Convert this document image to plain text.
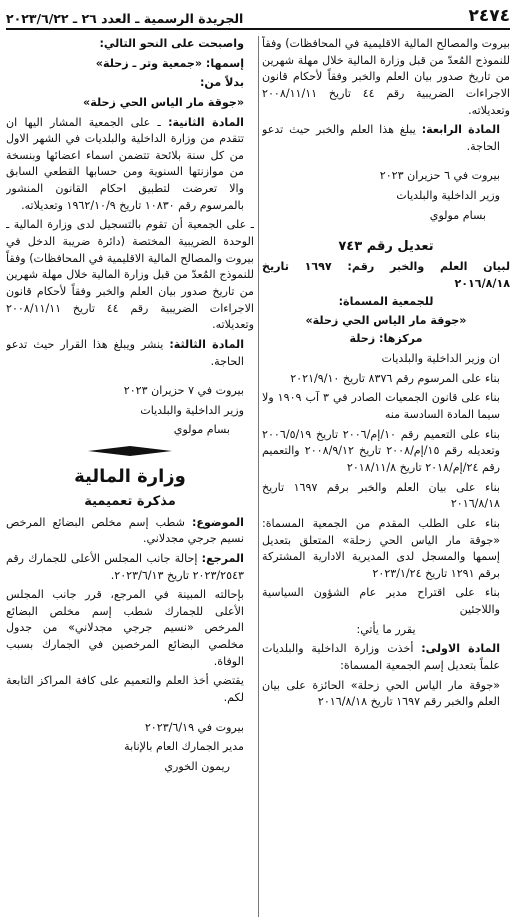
٢٤٧٤
الجريدة الرسمية ـ العدد ٢٦ ـ ٢٠٢٣/٦/٢٢

بيروت والمصالح المالية الاقليمية في المحافظات) وفقاً للنموذج المُعدّ من قبل وزارة المالية خلال مهلة شهرين من تاريخ صدور بيان العلم والخبر وفقاً لأحكام قانون الاجراءات الضريبية رقم ٤٤ تاريخ ٢٠٠٨/١١/١١ وتعديلاته.

المادة الرابعة: يبلغ هذا العلم والخبر حيث تدعو الحاجة.

بيروت في ٦ حزيران ٢٠٢٣

وزير الداخلية والبلديات

بسام مولوي

تعديل رقم ٧٤٣

لبيان العلم والخبر رقم: ١٦٩٧ تاريخ ٢٠١٦/٨/١٨

للجمعية المسماة:

«جوقة مار الياس الحي زحلة»

مركزها: زحلة

ان وزير الداخلية والبلديات

بناء على المرسوم رقم ٨٣٧٦ تاريخ ٢٠٢١/٩/١٠

بناء على قانون الجمعيات الصادر في ٣ آب ١٩٠٩ ولا سيما المادة السادسة منه

بناء على التعميم رقم ١٠/إم/٢٠٠٦ تاريخ ٢٠٠٦/٥/١٩ وتعديله رقم ١٥/إم/٢٠٠٨ تاريخ ٢٠٠٨/٩/١٢ والتعميم رقم ٢٤/إم/٢٠١٨ تاريخ ٢٠١٨/١١/٨

بناء على بيان العلم والخبر برقم ١٦٩٧ تاريخ ٢٠١٦/٨/١٨

بناء على الطلب المقدم من الجمعية المسماة: «جوقة مار الياس الحي زحلة» المتعلق بتعديل إسمها والمسجل لدى المديرية الادارية المشتركة برقم ١٢٩١ تاريخ ٢٠٢٣/١/٢٤

بناء على اقتراح مدير عام الشؤون السياسية واللاجئين

يقرر ما يأتي:

المادة الاولى: أخذت وزارة الداخلية والبلديات علماً بتعديل إسم الجمعية المسماة:

«جوقة مار الياس الحي زحلة» الحائزة على بيان العلم والخبر رقم ١٦٩٧ تاريخ ٢٠١٦/٨/١٨

واصبحت على النحو التالي:

إسمها: «جمعية وتر ـ زحلة»

بدلاً من:

«جوقة مار الياس الحي زحلة»

المادة الثانية: ـ على الجمعية المشار اليها ان تتقدم من وزارة الداخلية والبلديات في الشهر الاول من كل سنة بلائحة تتضمن اسماء اعضائها وبنسخة من موازنتها السنوية ومن حسابها القطعي السابق والا تعرضت لتطبيق احكام القانون المنشور بالمرسوم رقم ١٠٨٣٠ تاريخ ١٩٦٢/١٠/٩ وتعديلاته.

ـ على الجمعية أن تقوم بالتسجيل لدى وزارة المالية ـ الوحدة الضريبية المختصة (دائرة ضريبة الدخل في بيروت والمصالح المالية الاقليمية في المحافظات) وفقاً للنموذج المُعدّ من قبل وزارة المالية خلال مهلة شهرين من تاريخ صدور بيان العلم والخبر وفقاً لأحكام قانون الاجراءات الضريبية رقم ٤٤ تاريخ ٢٠٠٨/١١/١١ وتعديلاته.

المادة الثالثة: ينشر ويبلغ هذا القرار حيث تدعو الحاجة.

بيروت في ٧ حزيران ٢٠٢٣

وزير الداخلية والبلديات

بسام مولوي

وزارة المالية

مذكرة تعميمية

الموضوع: شطب إسم مخلص البضائع المرخص نسيم جرجي مجدلاني.

المرجع: إحالة جانب المجلس الأعلى للجمارك رقم ٢٠٢٣/٢٥٤٣ تاريخ ٢٠٢٣/٦/١٣.

بإحالته المبينة في المرجع، قرر جانب المجلس الأعلى للجمارك شطب إسم مخلص البضائع المرخص «نسيم جرجي مجدلاني» من جدول مخلصي البضائع المرخصين في الجمارك بسبب الوفاة.

يقتضي أخذ العلم والتعميم على كافة المراكز التابعة لكم.

بيروت في ٢٠٢٣/٦/١٩

مدير الجمارك العام بالإنابة

ريمون الخوري
